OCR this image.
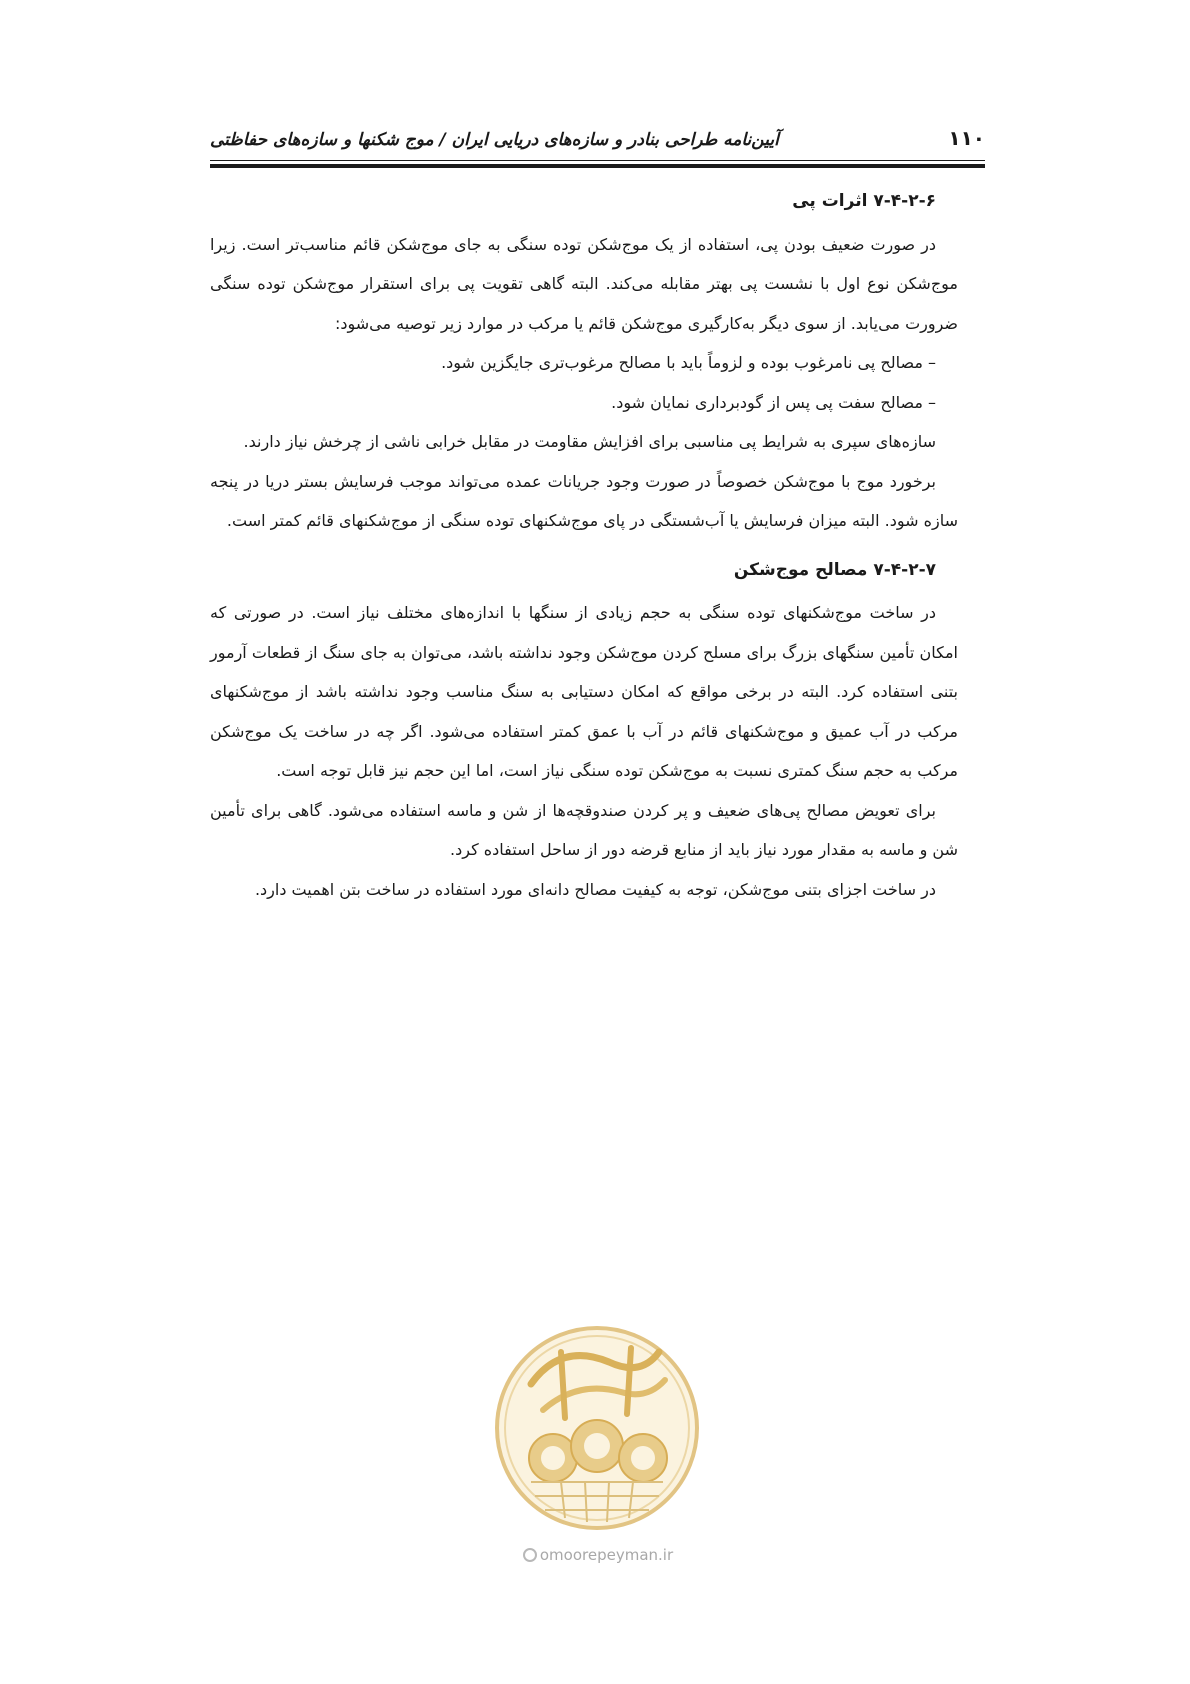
۱۱۰
آیین‌نامه طراحی بنادر و سازه‌های دریایی ایران / موج شکنها و سازه‌های حفاظتی

۷-۴-۲-۶ اثرات پی

در صورت ضعیف بودن پی، استفاده از یک موج‌شکن توده سنگی به جای موج‌شکن قائم مناسب‌تر است. زیرا موج‌شکن نوع اول با نشست پی بهتر مقابله می‌کند. البته گاهی تقویت پی برای استقرار موج‌شکن توده سنگی ضرورت می‌یابد. از سوی دیگر به‌کارگیری موج‌شکن قائم یا مرکب در موارد زیر توصیه می‌شود:

– مصالح پی نامرغوب بوده و لزوماً باید با مصالح مرغوب‌تری جایگزین شود.

– مصالح سفت پی پس از گودبرداری نمایان شود.

سازه‌های سپری به شرایط پی مناسبی برای افزایش مقاومت در مقابل خرابی ناشی از چرخش نیاز دارند.

برخورد موج با موج‌شکن خصوصاً در صورت وجود جریانات عمده می‌تواند موجب فرسایش بستر دریا در پنجه سازه شود. البته میزان فرسایش یا آب‌شستگی در پای موج‌شکنهای توده سنگی از موج‌شکنهای قائم کمتر است.

۷-۴-۲-۷ مصالح موج‌شکن

در ساخت موج‌شکنهای توده سنگی به حجم زیادی از سنگها با اندازه‌های مختلف نیاز است. در صورتی که امکان تأمین سنگهای بزرگ برای مسلح کردن موج‌شکن وجود نداشته باشد، می‌توان به جای سنگ از قطعات آرمور بتنی استفاده کرد. البته در برخی مواقع که امکان دستیابی به سنگ مناسب وجود نداشته باشد از موج‌شکنهای مرکب در آب عمیق و موج‌شکنهای قائم در آب با عمق کمتر استفاده می‌شود. اگر چه در ساخت یک موج‌شکن مرکب به حجم سنگ کمتری نسبت به موج‌شکن توده سنگی نیاز است، اما این حجم نیز قابل توجه است.

برای تعویض مصالح پی‌های ضعیف و پر کردن صندوقچه‌ها از شن و ماسه استفاده می‌شود. گاهی برای تأمین شن و ماسه به مقدار مورد نیاز باید از منابع قرضه دور از ساحل استفاده کرد.

در ساخت اجزای بتنی موج‌شکن، توجه به کیفیت مصالح دانه‌ای مورد استفاده در ساخت بتن اهمیت دارد.

omoorepeyman.ir
